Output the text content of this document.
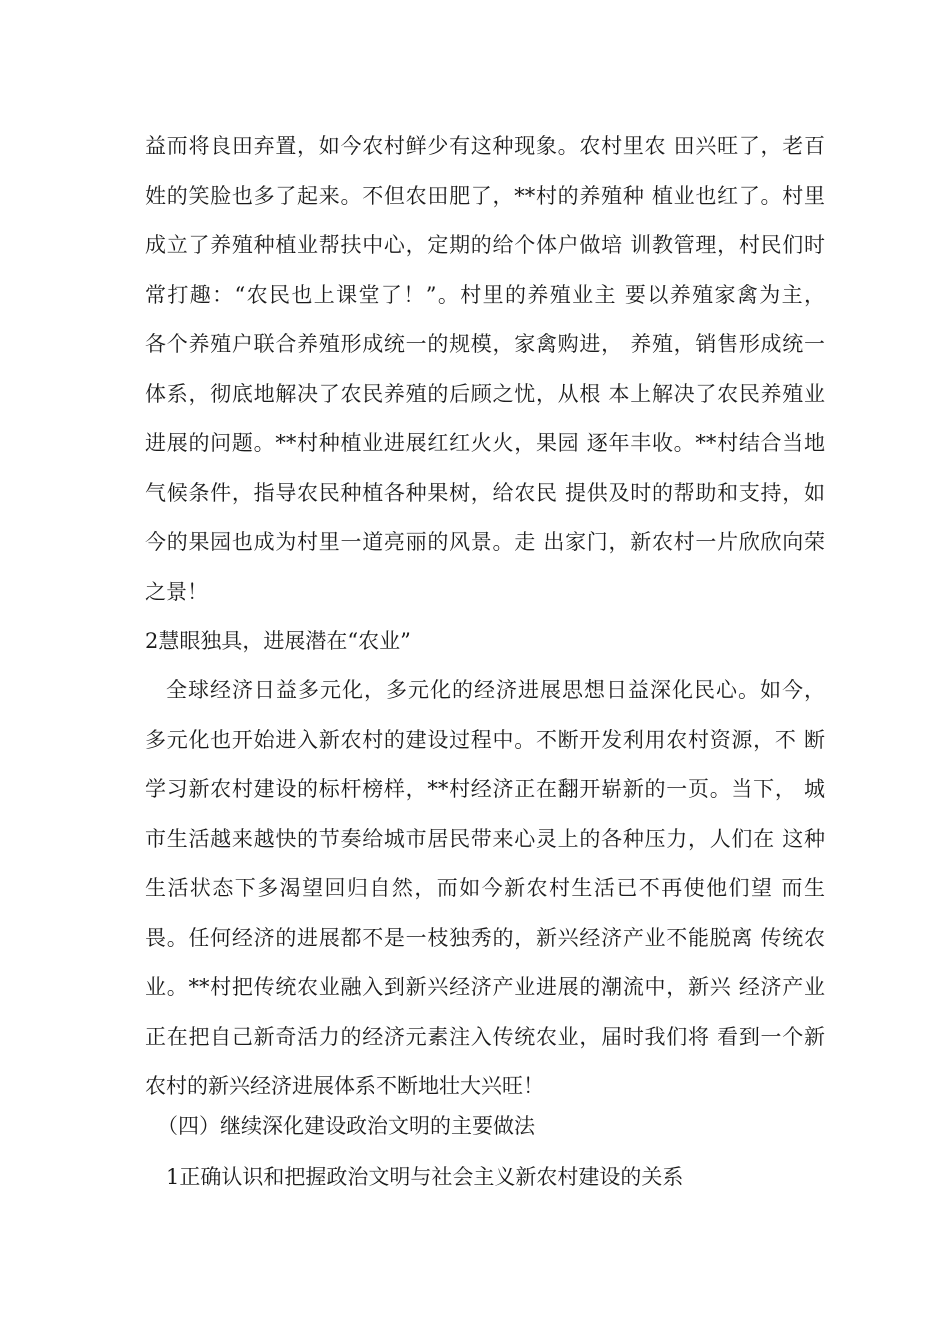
益而将良田弃置，如今农村鲜少有这种现象。农村里农 田兴旺了，老百
姓的笑脸也多了起来。不但农田肥了，**村的养殖种 植业也红了。村里
成立了养殖种植业帮扶中心，定期的给个体户做培 训教管理，村民们时
常打趣：“农民也上课堂了！”。村里的养殖业主 要以养殖家禽为主，
各个养殖户联合养殖形成统一的规模，家禽购进， 养殖，销售形成统一
体系，彻底地解决了农民养殖的后顾之忧，从根 本上解决了农民养殖业
进展的问题。**村种植业进展红红火火，果园 逐年丰收。**村结合当地
气候条件，指导农民种植各种果树，给农民 提供及时的帮助和支持，如
今的果园也成为村里一道亮丽的风景。走 出家门，新农村一片欣欣向荣
之景！
2慧眼独具，进展潜在“农业”
全球经济日益多元化，多元化的经济进展思想日益深化民心。如今，
多元化也开始进入新农村的建设过程中。不断开发利用农村资源，不 断
学习新农村建设的标杆榜样，**村经济正在翻开崭新的一页。当下， 城
市生活越来越快的节奏给城市居民带来心灵上的各种压力，人们在 这种
生活状态下多渴望回归自然，而如今新农村生活已不再使他们望 而生
畏。任何经济的进展都不是一枝独秀的，新兴经济产业不能脱离 传统农
业。**村把传统农业融入到新兴经济产业进展的潮流中，新兴 经济产业
正在把自己新奇活力的经济元素注入传统农业，届时我们将 看到一个新
农村的新兴经济进展体系不断地壮大兴旺！
（四）继续深化建设政治文明的主要做法
1正确认识和把握政治文明与社会主义新农村建设的关系
